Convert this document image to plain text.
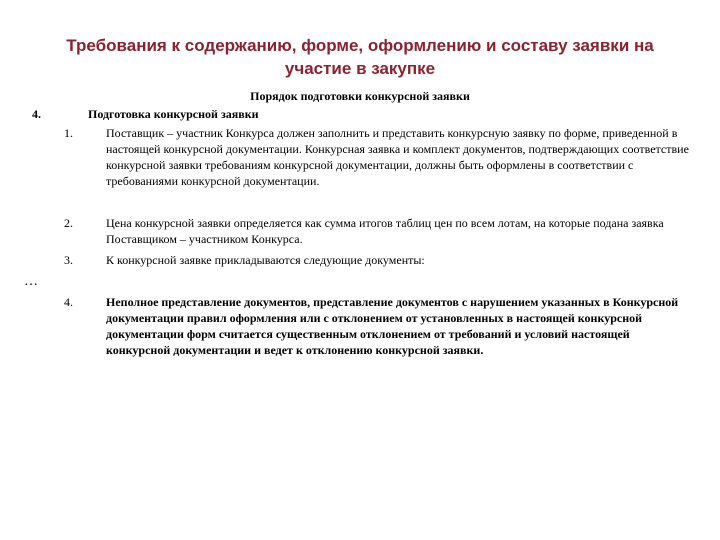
Требования к содержанию, форме, оформлению и составу заявки на
участие в закупке
Порядок подготовки конкурсной заявки
4.	Подготовка конкурсной заявки
1.	Поставщик – участник Конкурса должен заполнить и представить конкурсную заявку по форме, приведенной в настоящей конкурсной документации. Конкурсная заявка и комплект документов, подтверждающих соответствие конкурсной заявки требованиям конкурсной документации, должны быть оформлены в соответствии с требованиями конкурсной документации.
2.	Цена конкурсной заявки определяется как сумма итогов таблиц цен по всем лотам, на которые подана заявка Поставщиком – участником Конкурса.
3.	К конкурсной заявке прикладываются следующие документы:
…
4.	Неполное представление документов, представление документов с нарушением указанных в Конкурсной документации правил оформления или с отклонением от установленных в настоящей конкурсной документации форм считается существенным отклонением от требований и условий настоящей конкурсной документации и ведет к отклонению конкурсной заявки.
